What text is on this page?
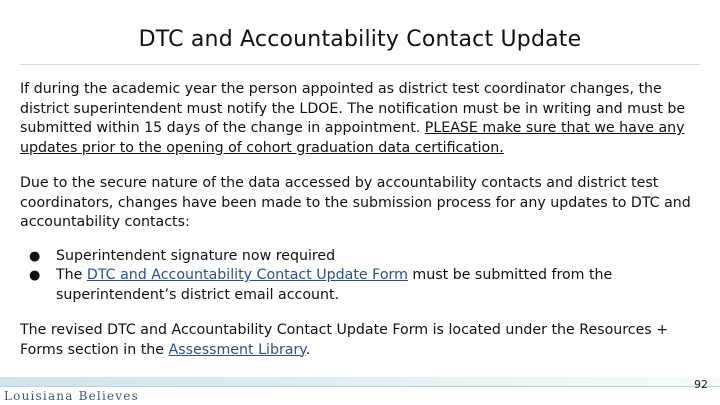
DTC and Accountability Contact Update

If during the academic year the person appointed as district test coordinator changes, the district superintendent must notify the LDOE. The notification must be in writing and must be submitted within 15 days of the change in appointment. PLEASE make sure that we have any updates prior to the opening of cohort graduation data certification.

Due to the secure nature of the data accessed by accountability contacts and district test coordinators, changes have been made to the submission process for any updates to DTC and accountability contacts:

● Superintendent signature now required
● The DTC and Accountability Contact Update Form must be submitted from the superintendent’s district email account.

The revised DTC and Accountability Contact Update Form is located under the Resources + Forms section in the Assessment Library.

Louisiana Believes
92
